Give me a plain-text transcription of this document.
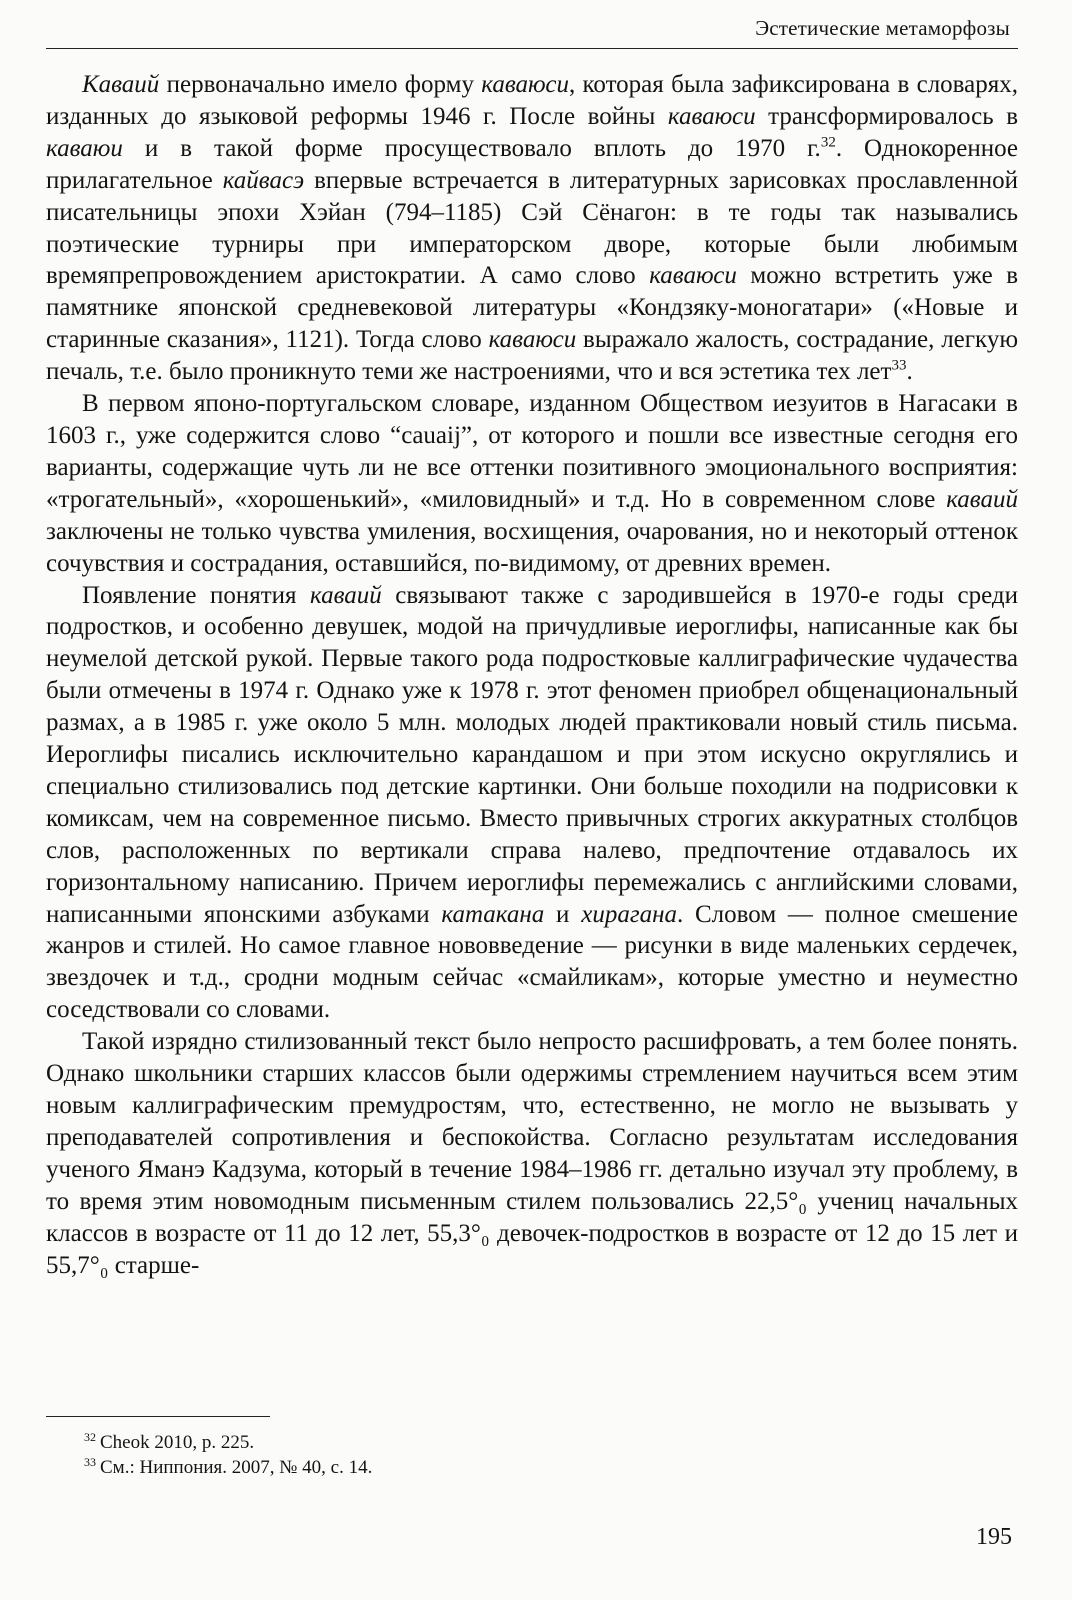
Эстетические метаморфозы

Каваий первоначально имело форму каваюси, которая была зафиксирована в словарях, изданных до языковой реформы 1946 г. После войны каваюси трансформировалось в каваюи и в такой форме просуществовало вплоть до 1970 г.$^{32}$. Однокоренное прилагательное кайвасэ впервые встречается в литературных зарисовках прославленной писательницы эпохи Хэйан (794–1185) Сэй Сёнагон: в те годы так назывались поэтические турниры при императорском дворе, которые были любимым времяпрепровождением аристократии. А само слово каваюси можно встретить уже в памятнике японской средневековой литературы «Кондзяку-моногатари» («Новые и старинные сказания», 1121). Тогда слово каваюси выражало жалость, сострадание, легкую печаль, т.е. было проникнуто теми же настроениями, что и вся эстетика тех лет$^{33}$.

В первом японо-португальском словаре, изданном Обществом иезуитов в Нагасаки в 1603 г., уже содержится слово “cauaij”, от которого и пошли все известные сегодня его варианты, содержащие чуть ли не все оттенки позитивного эмоционального восприятия: «трогательный», «хорошенький», «миловидный» и т.д. Но в современном слове каваий заключены не только чувства умиления, восхищения, очарования, но и некоторый оттенок сочувствия и сострадания, оставшийся, по-видимому, от древних времен.

Появление понятия каваий связывают также с зародившейся в 1970-е годы среди подростков, и особенно девушек, модой на причудливые иероглифы, написанные как бы неумелой детской рукой. Первые такого рода подростковые каллиграфические чудачества были отмечены в 1974 г. Однако уже к 1978 г. этот феномен приобрел общенациональный размах, а в 1985 г. уже около 5 млн. молодых людей практиковали новый стиль письма. Иероглифы писались исключительно карандашом и при этом искусно округлялись и специально стилизовались под детские картинки. Они больше походили на подрисовки к комиксам, чем на современное письмо. Вместо привычных строгих аккуратных столбцов слов, расположенных по вертикали справа налево, предпочтение отдавалось их горизонтальному написанию. Причем иероглифы перемежались с английскими словами, написанными японскими азбуками катакана и хирагана. Словом — полное смешение жанров и стилей. Но самое главное нововведение — рисунки в виде маленьких сердечек, звездочек и т.д., сродни модным сейчас «смайликам», которые уместно и неуместно соседствовали со словами.

Такой изрядно стилизованный текст было непросто расшифровать, а тем более понять. Однако школьники старших классов были одержимы стремлением научиться всем этим новым каллиграфическим премудростям, что, естественно, не могло не вызывать у преподавателей сопротивления и беспокойства. Согласно результатам исследования ученого Яманэ Кадзума, который в течение 1984–1986 гг. детально изучал эту проблему, в то время этим новомодным письменным стилем пользовались 22,5°₀ учениц начальных классов в возрасте от 11 до 12 лет, 55,3°₀ девочек-подростков в возрасте от 12 до 15 лет и 55,7°₀ старше-

$^{32}$ Cheok 2010, p. 225.
$^{33}$ См.: Ниппония. 2007, № 40, с. 14.
195
